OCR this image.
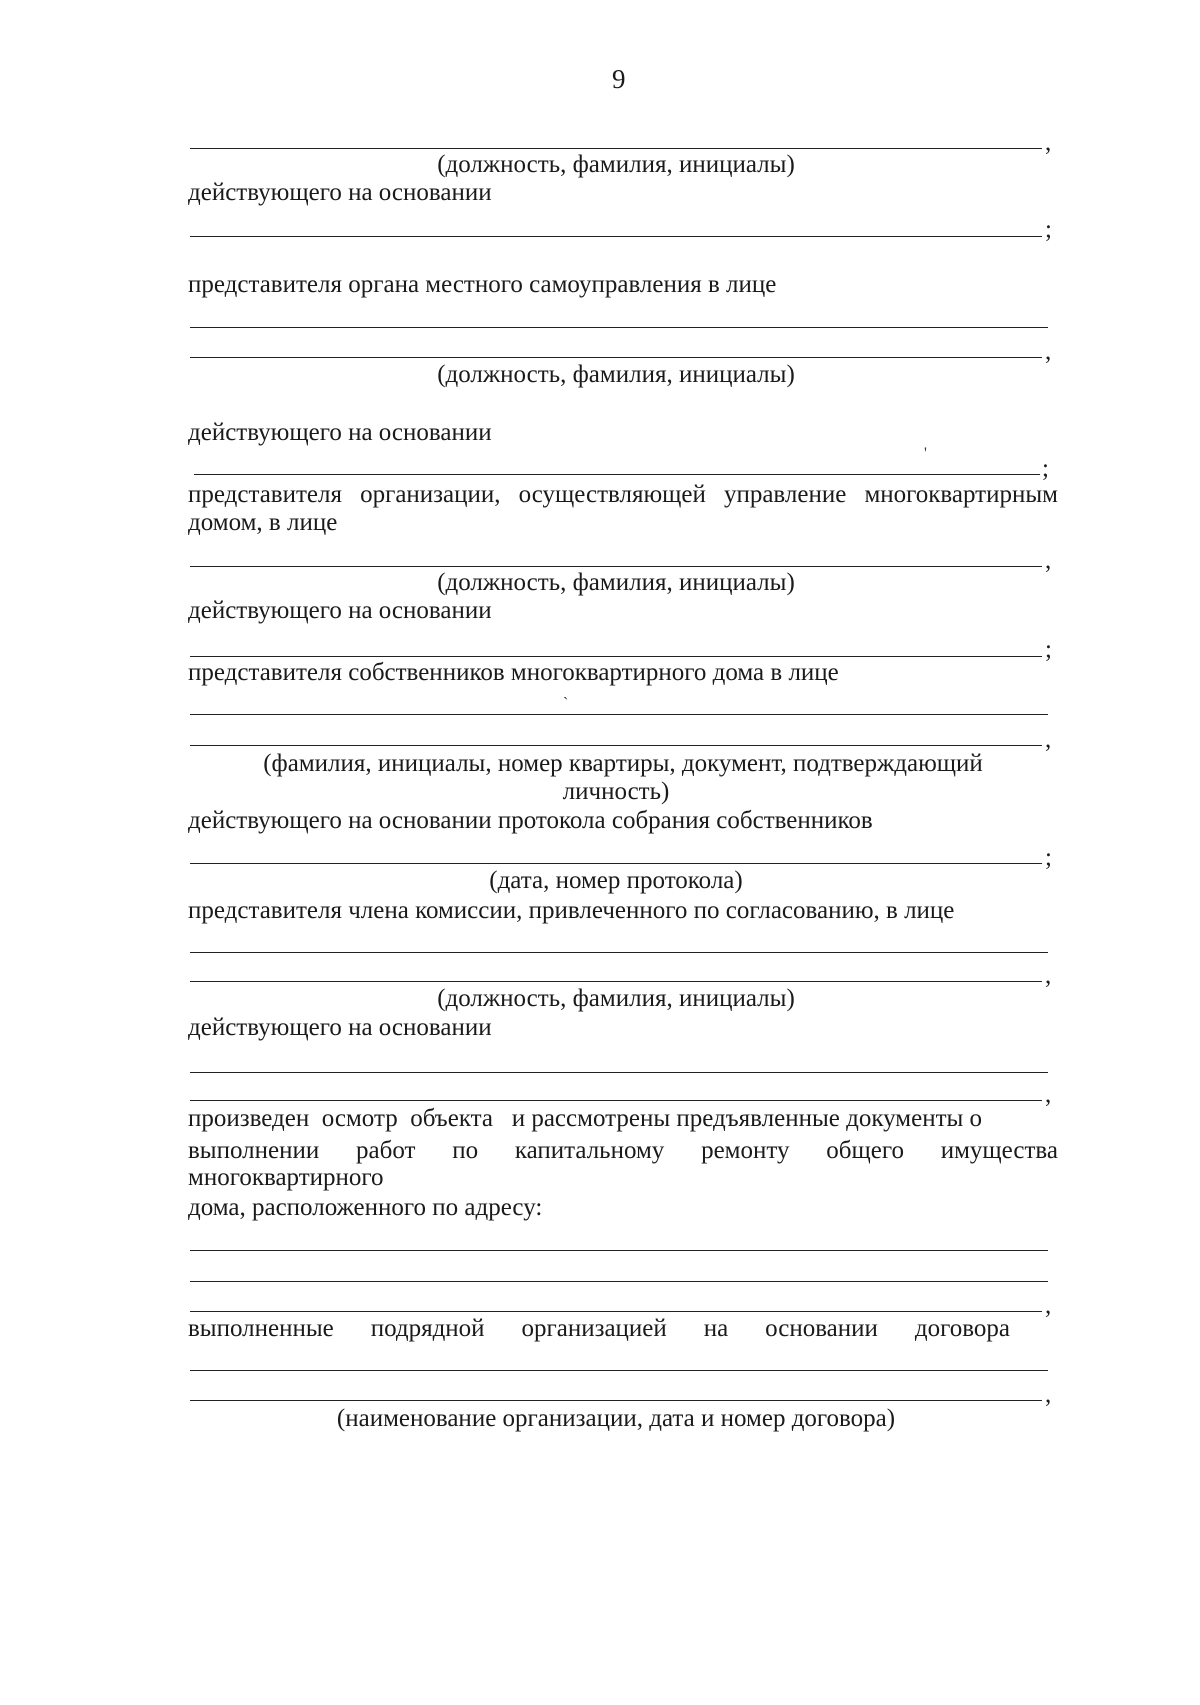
9
,
(должность, фамилия, инициалы)
действующего на основании
;
представителя органа местного самоуправления в лице
,
(должность, фамилия, инициалы)
действующего на основании
'
;
представителя организации, осуществляющей управление многоквартирным
домом, в лице
,
(должность, фамилия, инициалы)
действующего на основании
;
представителя собственников многоквартирного дома в лице
`
,
(фамилия, инициалы, номер квартиры, документ, подтверждающий
личность)
действующего на основании протокола собрания собственников
;
(дата, номер протокола)
представителя члена комиссии, привлеченного по согласованию, в лице
,
(должность, фамилия, инициалы)
действующего на основании
,
произведен  осмотр  объекта   и рассмотрены предъявленные документы о
выполнении работ по капитальному ремонту общего имущества
многоквартирного
дома, расположенного по адресу:
,
выполненные подрядной организацией на основании договора
,
(наименование организации, дата и номер договора)
